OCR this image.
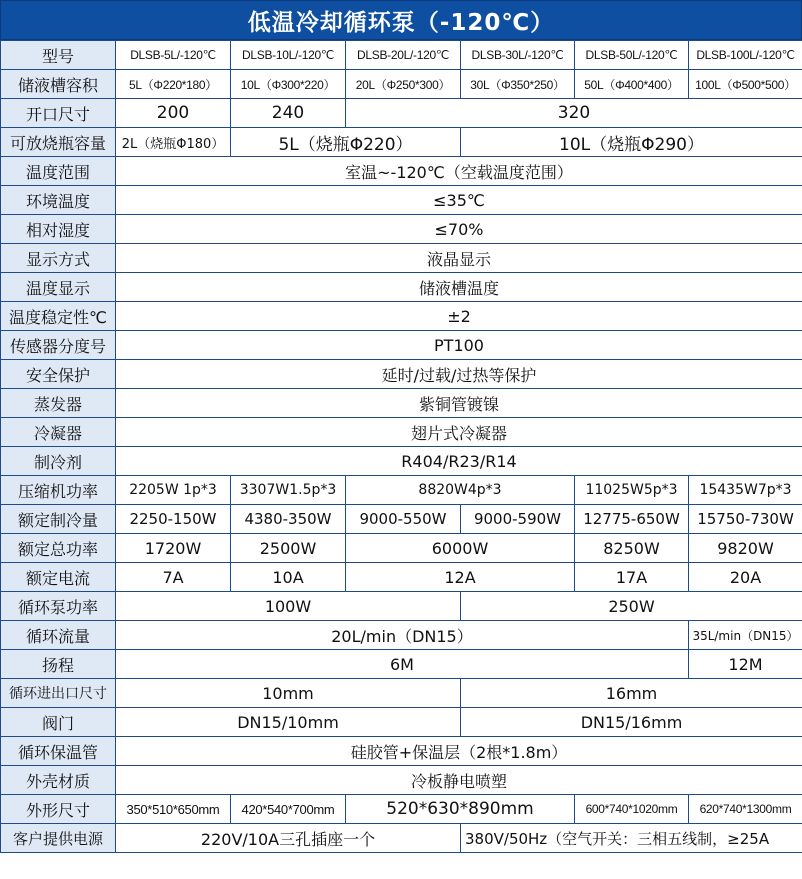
低温冷却循环泵（-120℃）
型号	DLSB-5L/-120℃	DLSB-10L/-120℃	DLSB-20L/-120℃	DLSB-30L/-120℃	DLSB-50L/-120℃	DLSB-100L/-120℃
储液槽容积	5L（Φ220*180）	10L（Φ300*220）	20L（Φ250*300）	30L（Φ350*250）	50L（Φ400*400）	100L（Φ500*500）
开口尺寸	200	240	320			
可放烧瓶容量	2L（烧瓶Φ180）	5L（烧瓶Φ220）		10L（烧瓶Φ290）		
温度范围	室温~-120℃（空载温度范围）					
环境温度	≤35℃					
相对湿度	≤70%					
显示方式	液晶显示					
温度显示	储液槽温度					
温度稳定性℃	±2					
传感器分度号	PT100					
安全保护	延时/过载/过热等保护					
蒸发器	紫铜管镀镍					
冷凝器	翅片式冷凝器					
制冷剂	R404/R23/R14					
压缩机功率	2205W 1p*3	3307W1.5p*3	8820W4p*3		11025W5p*3	15435W7p*3
额定制冷量	2250-150W	4380-350W	9000-550W	9000-590W	12775-650W	15750-730W
额定总功率	1720W	2500W	6000W		8250W	9820W
额定电流	7A	10A	12A		17A	20A
循环泵功率	100W			250W		
循环流量	20L/min（DN15）					35L/min（DN15）
扬程	6M					12M
循环进出口尺寸	10mm			16mm		
阀门	DN15/10mm			DN15/16mm		
循环保温管	硅胶管+保温层（2根*1.8m）					
外壳材质	冷板静电喷塑					
外形尺寸	350*510*650mm	420*540*700mm	520*630*890mm		600*740*1020mm	620*740*1300mm
客户提供电源	220V/10A三孔插座一个			380V/50Hz（空气开关：三相五线制，≥25A		
